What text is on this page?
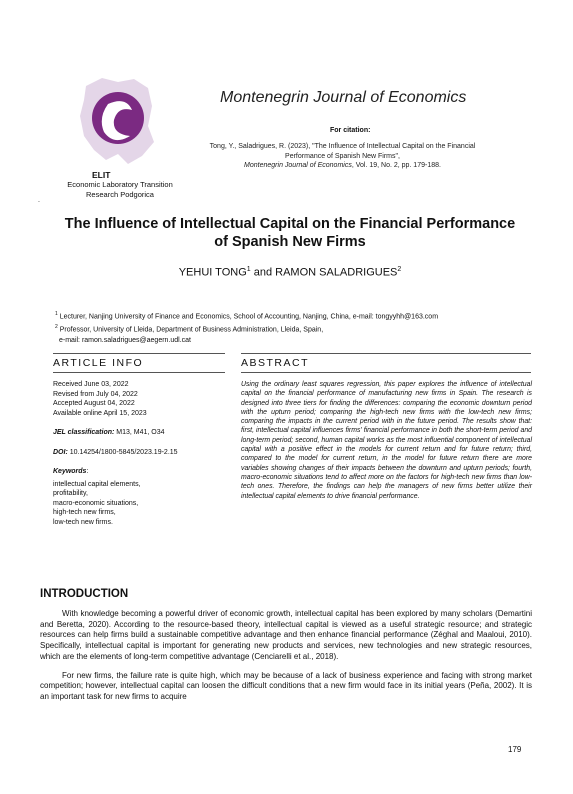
ELIT
Economic Laboratory Transition
Research Podgorica
Montenegrin Journal of Economics
For citation:
Tong, Y., Saladrigues, R. (2023), "The Influence of Intellectual Capital on the Financial
Performance of Spanish New Firms",
Montenegrin Journal of Economics, Vol. 19, No. 2, pp. 179-188.
.
The Influence of Intellectual Capital on the Financial Performance
of Spanish New Firms
YEHUI TONG$^1$ and RAMON SALADRIGUES$^2$
$^1$ Lecturer, Nanjing University of Finance and Economics, School of Accounting, Nanjing, China, e-mail: tongyyhh@163.com
$^2$ Professor, University of Lleida, Department of Business Administration, Lleida, Spain,
e-mail: ramon.saladrigues@aegern.udl.cat
ARTICLE INFO
Received June 03, 2022
Revised from July 04, 2022
Accepted August 04, 2022
Available online April 15, 2023
JEL classification: M13, M41, O34
DOI: 10.14254/1800-5845/2023.19-2.15
Keywords:
intellectual capital elements,
profitability,
macro-economic situations,
high-tech new firms,
low-tech new firms.
ABSTRACT
Using the ordinary least squares regression, this paper explores the influence of intellectual capital on the financial performance of manufacturing new firms in Spain. The research is designed into three tiers for finding the differences: comparing the economic downturn period with the upturn period; comparing the high-tech new firms with the low-tech new firms; comparing the impacts in the current period with in the future period. The results show that: first, intellectual capital influences firms' financial performance in both the short-term period and long-term period; second, human capital works as the most influential component of intellectual capital with a positive effect in the models for current return and for future return; third, compared to the model for current return, in the model for future return there are more variables showing changes of their impacts between the downturn and upturn periods; fourth, macro-economic situations tend to affect more on the factors for high-tech new firms than low-tech ones. Therefore, the findings can help the managers of new firms better utilize their intellectual capital elements to drive financial performance.
INTRODUCTION

With knowledge becoming a powerful driver of economic growth, intellectual capital has been explored by many scholars (Demartini and Beretta, 2020). According to the resource-based theory, intellectual capital is viewed as a useful strategic resource; and strategic resources can help firms build a sustainable competitive advantage and then enhance financial performance (Zéghal and Maaloui, 2010). Specifically, intellectual capital is important for generating new products and services, new technologies and new strategic resources, which are the elements of long-term competitive advantage (Cenciarelli et al., 2018).

For new firms, the failure rate is quite high, which may be because of a lack of business experience and facing with strong market competition; however, intellectual capital can loosen the difficult conditions that a new firm would face in its initial years (Peña, 2002). It is an important task for new firms to acquire

179
